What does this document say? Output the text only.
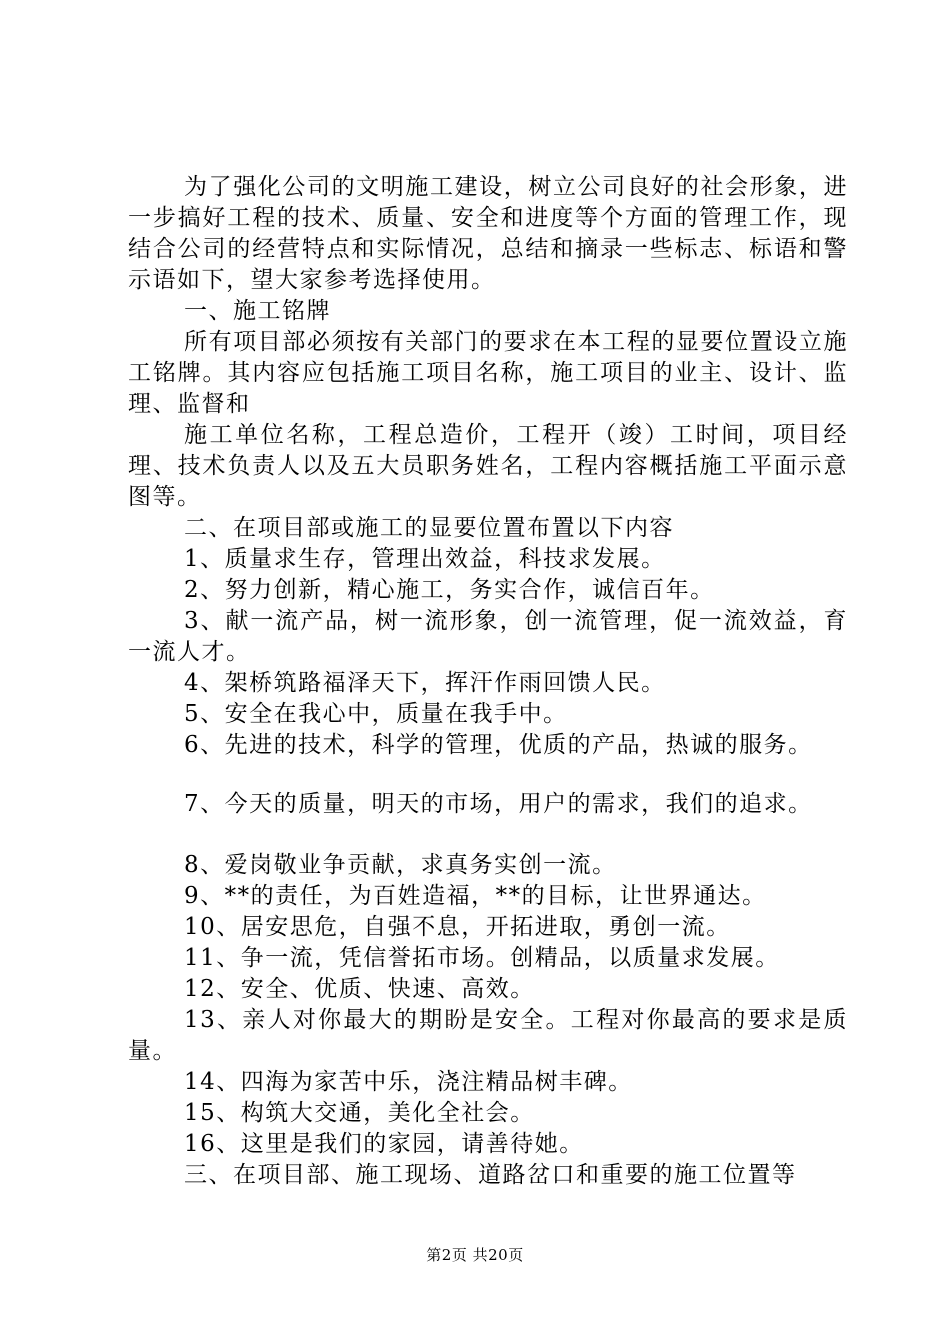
为了强化公司的文明施工建设，树立公司良好的社会形象，进一步搞好工程的技术、质量、安全和进度等个方面的管理工作，现结合公司的经营特点和实际情况，总结和摘录一些标志、标语和警示语如下，望大家参考选择使用。

一、施工铭牌

所有项目部必须按有关部门的要求在本工程的显要位置设立施工铭牌。其内容应包括施工项目名称，施工项目的业主、设计、监理、监督和

施工单位名称，工程总造价，工程开（竣）工时间，项目经理、技术负责人以及五大员职务姓名，工程内容概括施工平面示意图等。

二、在项目部或施工的显要位置布置以下内容

1、质量求生存，管理出效益，科技求发展。

2、努力创新，精心施工，务实合作，诚信百年。

3、献一流产品，树一流形象，创一流管理，促一流效益，育一流人才。

4、架桥筑路福泽天下，挥汗作雨回馈人民。

5、安全在我心中，质量在我手中。

6、先进的技术，科学的管理，优质的产品，热诚的服务。

7、今天的质量，明天的市场，用户的需求，我们的追求。

8、爱岗敬业争贡献，求真务实创一流。

9、**的责任，为百姓造福，**的目标，让世界通达。

10、居安思危，自强不息，开拓进取，勇创一流。

11、争一流，凭信誉拓市场。创精品，以质量求发展。

12、安全、优质、快速、高效。

13、亲人对你最大的期盼是安全。工程对你最高的要求是质量。

14、四海为家苦中乐，浇注精品树丰碑。

15、构筑大交通，美化全社会。

16、这里是我们的家园，请善待她。

三、在项目部、施工现场、道路岔口和重要的施工位置等

第2页 共20页
